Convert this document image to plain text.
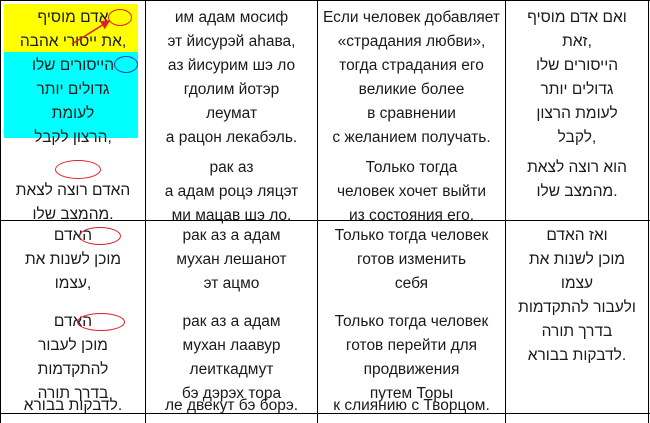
אדם מוסיף
את ייסורי אהבה,
הייסורים שלו
גדולים יותר
לעומת
הרצון לקבל,
האדם רוצה לצאת
מהמצב שלו.
им адам мосиф
эт йисурэй аhава,
аз йисурим шэ ло
гдолим йотэр
леумат
а рацон лекабэль.
рак аз
а адам роцэ ляцэт
ми мацав шэ ло.
Если человек добавляет
«страдания любви»,
тогда страдания его
великие более
в сравнении
с желанием получать.
Только тогда
человек хочет выйти
из состояния его.
ואם אדם מוסיף
זאת,
הייסורים שלו
גדולים יותר
לעומת הרצון
לקבל,
הוא רוצה לצאת
מהמצב שלו.
האדם
מוכן לשנות את
עצמו,
האדם
מוכן לעבור
להתקדמות
בדרך תורה
לדבקות בבורא.
рак аз а адам
мухан лешанот
эт ацмо
рак аз а адам
мухан лаавур
леиткадмут
бэ дэрэх тора
ле двекут бэ борэ.
Только тогда человек
готов изменить
себя
Только тогда человек
готов перейти для
продвижения
путем Торы
к слиянию с Творцом.
ואז האדם
מוכן לשנות את
עצמו
ולעבור להתקדמות
בדרך תורה
לדבקות בבורא.
